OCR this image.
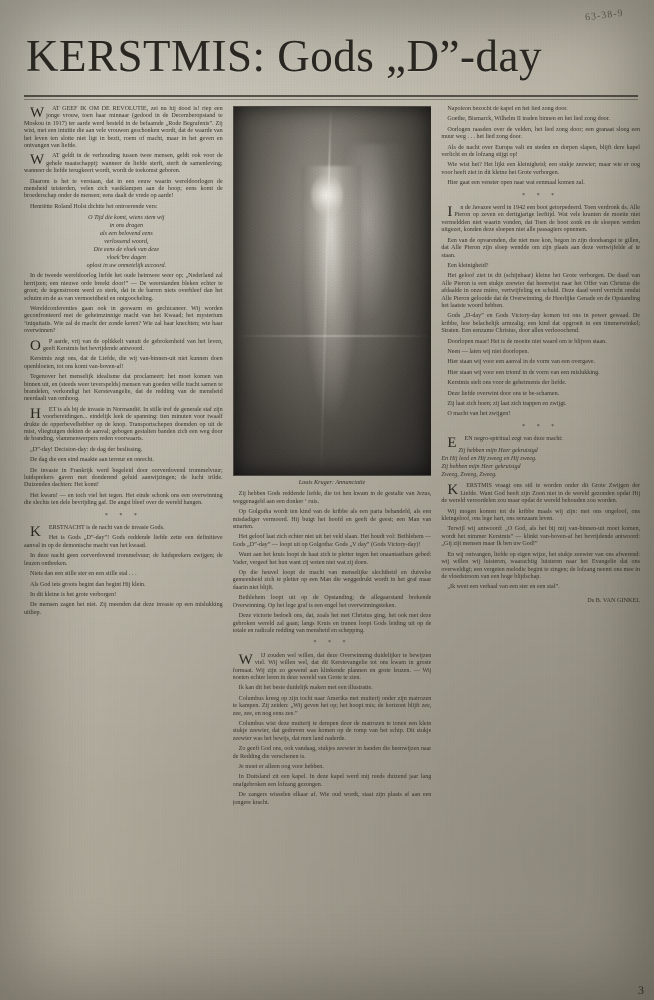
63-38-9
KERSTMIS: Gods „D”-day

W	AT GEEF IK OM DE REVOLUTIE, zei nu hij dood is! riep een jonge vrouw, toen haar minnaar (gedood in de Decemberopstand te Moskou in 1917) ter aarde werd besteld in de befaamde „Rode Begrafenis”. Zij wist, met een intuïtie die aan vele vrouwen geschonken wordt, dat de waarde van het leven ten slotte niet ligt in bezit, roem of macht, maar in het geven en ontvangen van liefde.

W	AT geldt in de verhouding tussen twee mensen, geldt ook voor de gehele maatschappij: wanneer de liefde sterft, sterft de samenleving; wanneer de liefde terugkeert wordt, wordt de toekomst geboren.

Daarom is het te verstaan, dat in een eeuw waarin wereldoorlogen de mensheid teisterden, velen zich vastklampen aan de hoop; eens komt de broederschap onder de mensen; eens daalt de vrede op aarde!

Henriëtte Roland Holst dichtte het ontroerende vers:

O Tijd die komt, wiens stem wij
in ons dragen
als een belovend eens
verlossend woord,
Die eens de vloek van deze
vloek’bre dagen
oplost in uw onmetelijk accoord.

In de tweede wereldoorlog liefde het oude heimwee weer op; „Nederland zal herrijzen; een nieuwe orde breekt door!” — De weerstanden bleken echter te groot; de tegenstroom werd zo sterk, dat in de barren niets overbleef dan het schuim en de as van vermoeidheid en ontgoocheling.

Wereldconferenties gaan ook in geswarm en gechicaneer. Wij worden geconfronteerd met de geheimzinnige macht van het Kwaad; het mysterium ‘iniquitatis. Wie zal de macht der zonde keren? Wie zal haar knechten; wie haar overwinnen?

O	P aarde, vrij van de oplikkelt vanuit de gebrokenheid van het leven, geeft Kerstmis het bevrijdende antwoord.

Kerstmis zegt ons, dat de Liefde, die wij van-binnen-uit niet kunnen doen openbloeien, tot ons komt van-boven-af!

Tegenover het menselijk idealisme dat proclameert: het moet komen van binnen uit, en (steeds weer teverspelds) mensen van goeden wille tracht samen te brandelen, verkondigt het Kerstevangelie, dat de redding van de mensheid neerdaalt van omhoog.

H	ET is als bij de invasie in Normandië. In stille tref de generale staf zijn voorbereidingen... eindelijk leek de spanning: tien minuten voor twaalf drukte de opperbevelhebber op de knop. Transportschepen doemden op uit de mist, vliegtuigen dekten de aanval; gebogen gestalten banden zich een weg door de branding, vlammenwerpers reden voorwaarts.

„D”-day! Decision-day: de dag der beslissing.

De dag die een eind maakte aan terreur en onrecht.

De invasie in Frankrijk werd begeleid door oorverdovend trommelvuur; luidsprekers gaven met donderend geluid aanwijzingen; de lucht trilde. Duizenden dachten: Het komt!

Het kwam! — en toch viel het tegen. Het einde schonk ons een overwinning die slechts ten dele bevrijding gaf. De angst bleef over de wereld hangen.

* * *

K	ERSTNACHT is de nacht van de invasie Gods.

Het is Gods „D”-day”! Gods reddende liefde zette een definitieve aanval in op de demonische macht van het kwaad.

In deze nacht geen oorverdovend trommelvuur; de luidsprekers zwijgen; de leuzen ontbreken.

Niets dan een stille ster en een stille stal . . .

Als God iets groots begint dan begint Hij klein.

In dit kleine is het grote verborgen!

De mensen zagen het niet. Zij meenden dat deze invasie op een mislukking uitliep.

Louis Kruger: Annunciatie

Zij hebben Gods reddende liefde, die tot hen kwam in de gestalte van Jezus, weggenageld aan een donker ‘ ruis.

Op Golgotha wordt ten kind van de kribbe als een paria behandeld, als een misdadiger vermoord. Hij buigt het hoofd en geeft de geest; een Man van smarten.

Het geloof laat zich echter niet uit het veld slaan. Het houdt vol: Bethlehem — Gods „D”-day” — loopt uit op Golgotha: Gods „V day” (Gods Victory-day)!

Want aan het kruis loopt de haat zich te pletter tegen het onaantastbare gebed: Vader, vergeef het hun want zij weten niet wat zij doen.

Op die heuvel loopt de macht van menselijke slechtheid en duivelse gemeenheid zich te pletter op een Man die weggedrukt wordt in het graf maar daarin niet blijft.

Bethlehem loopt uit op de Opstanding; de allegaarstand brekende Overwinning. Op het lege graf is een engel het overwinningsteken.

Deze victorie bedoelt ons, dat, zoals het met Christus ging, het ook met deze gebroken wereld zal gaan; langs Kruis en tranen loopt Gods leiding uit op de totale en radicale redding van mensheid en schepping.

* * *

W	IJ zouden wel willen, dat deze Overwinning duidelijker te bewijzen viel. Wij willen wel, dat dit Kerstevangelie tot ons kwam in groste formaat. Wij zijn zo gewend aan klinkende plannen en grote leuzen. — Wij noeten echter leren in deze wereld van Grote te zien.

Ik kan dit het beste duidelijk maken met een illustratie.

Columbus kreeg op zijn tocht naar Amerika met muiterij onder zijn matrozen te kampen. Zij zeiden: „Wij geven het op; het hoopt mis; de horizont blijft zee, zee, zee, en nog eens zee.”

Columbus wist deze muiterij te dempen door de matrozen te tonen een klein stukje zeewier, dat gedreven was komen op de romp van het schip. Dit stukje zeewier was het bewijs, dat men land naderde.

Zo geeft God ons, ook vandaag, stukjes zeewier in handen die heenwijzen naar de Redding die verschenen is.

Je moet er alleen oog voor hebben.

In Duitsland zit een kapel. In deze kapel werd mij reeds duizend jaar lang onafgebroken een lofzang gezongen.

De zangers wisselen elkaar af. Wie oud wordt, staat zijn plaats af aan een jongere kracht.

Napoleon bezocht de kapel en het lied zong door.

Goethe, Bismarck, Wilhelm II traden binnen en het lied zong door.

Oorlogen raasden over de velden, het lied zong door; een granaat sloeg een muur weg . . . het lied zong door.

Als de nacht over Europa valt en steden en dorpen slapen, blijft dere kapel verlicht en de lofzang stijgt op!

Wie wist het? Het lijkt een kleinigheid; een stukje zeewier; maar wie er oog voor heeft ziet in dit kleine het Grote verborgen.

Hier gaat een venster open naar wat eenmaal komen zal.

* * *

I	n de Javazee werd in 1942 een boot getorpedeerd. Toen verdronk ds. Alle Pieron op zeven en dertigjarige leeftijd. Wat vele kranten de moeite niet vermeldden niet waarin vonden, dat Toen de boot zonk en de sloepen werden uitgezet, konden deze sloepen niet alle passagiers opnemen.

Een van de opvarenden, die niet mee kon, begon in zijn doodsangst te gillen, dat Alle Pieron zijn sloep wendde om zijn plaats aan deze vertwijfelde af te staan.

Een kleinigheid?

Het geloof ziet in dit (schijnbaar) kleine het Grote verborgen. De daad van Alle Pieron is een stukje zeewier dat heenwijst naar het Offer van Christus die afdaalde in onze mière, vertwijfeling en schuld. Deze daad werd verricht omdat Alle Pieron gelooide dat de Overwinning, de Heerlijke Genade en de Opstanding het laatste woord hebben.

Gods „D-day” en Gods Victory-day komen tot ons in power gewaad. De kribbe, hoe belachelijk armzalig; een kind dat opgroeit in een timmerwinkel; Straten. Een eenzame Christus, door allen verlooochend.

Doorlopen maar! Het is de moeite niet waard om te blijven staan.

Neen — laten wij niet doorlopen.

Hier staan wij voor een aanval in de vorm van een overgave.

Hier staan wij voor een triomf in de vorm van een mislukking.

Kerstmis stelt ons voor de geheimenis der liefde.

Deze liefde overwint door ons te be‑schamen.

Zij laat zich hoen; zij laat zich trappen en zwijgt.

O macht van het zwijgen!

* * *

E	EN negro-spiritual zegt van deze macht:

Zij hebben mijn Heer gekruisigd
En Hij leed en Hij zweeg en Hij zweeg.
Zij hebben mijn Heer gekruisigd
Zweeg, Zweeg, Zweeg.

K	ERSTMIS vraagt ons stil te worden onder dit Grote Zwijgen der Liefde. Want God heeft zijn Zoon niet in de wereld gezonden opdat Hij de wereld veroordelen zou maar opdat de wereld behouden zou worden.

Wij mogen komen tot de kribbe maals wij zijn: met ons ongeloof, ons kleingeloof, ons lege hart, ons eenzaam leven.

Terwijl wij antwoord: „O God, als het bij mij van-binnen-uit moet komen, wordt het nimmer Kerstmis” — klinkt van-boven-af het bevrijdende antwoord: „Gij zijt mensen maar Ik ben uw God!”

En wij ontvangen, liefde op eigen wijze, het stukje zeewier van ons afwerend: wij willen wij luisteren, waarachtig luisteren naar het Evangelie dat ons overweldigt; een vergeten melodie begint te zingen; de lofzang neemt ons mee in de vloedstroom van een hoge blijdschap.

„Ik weet een verhaal van een ster en een stal”.

Ds B. VAN GINKEL
3
